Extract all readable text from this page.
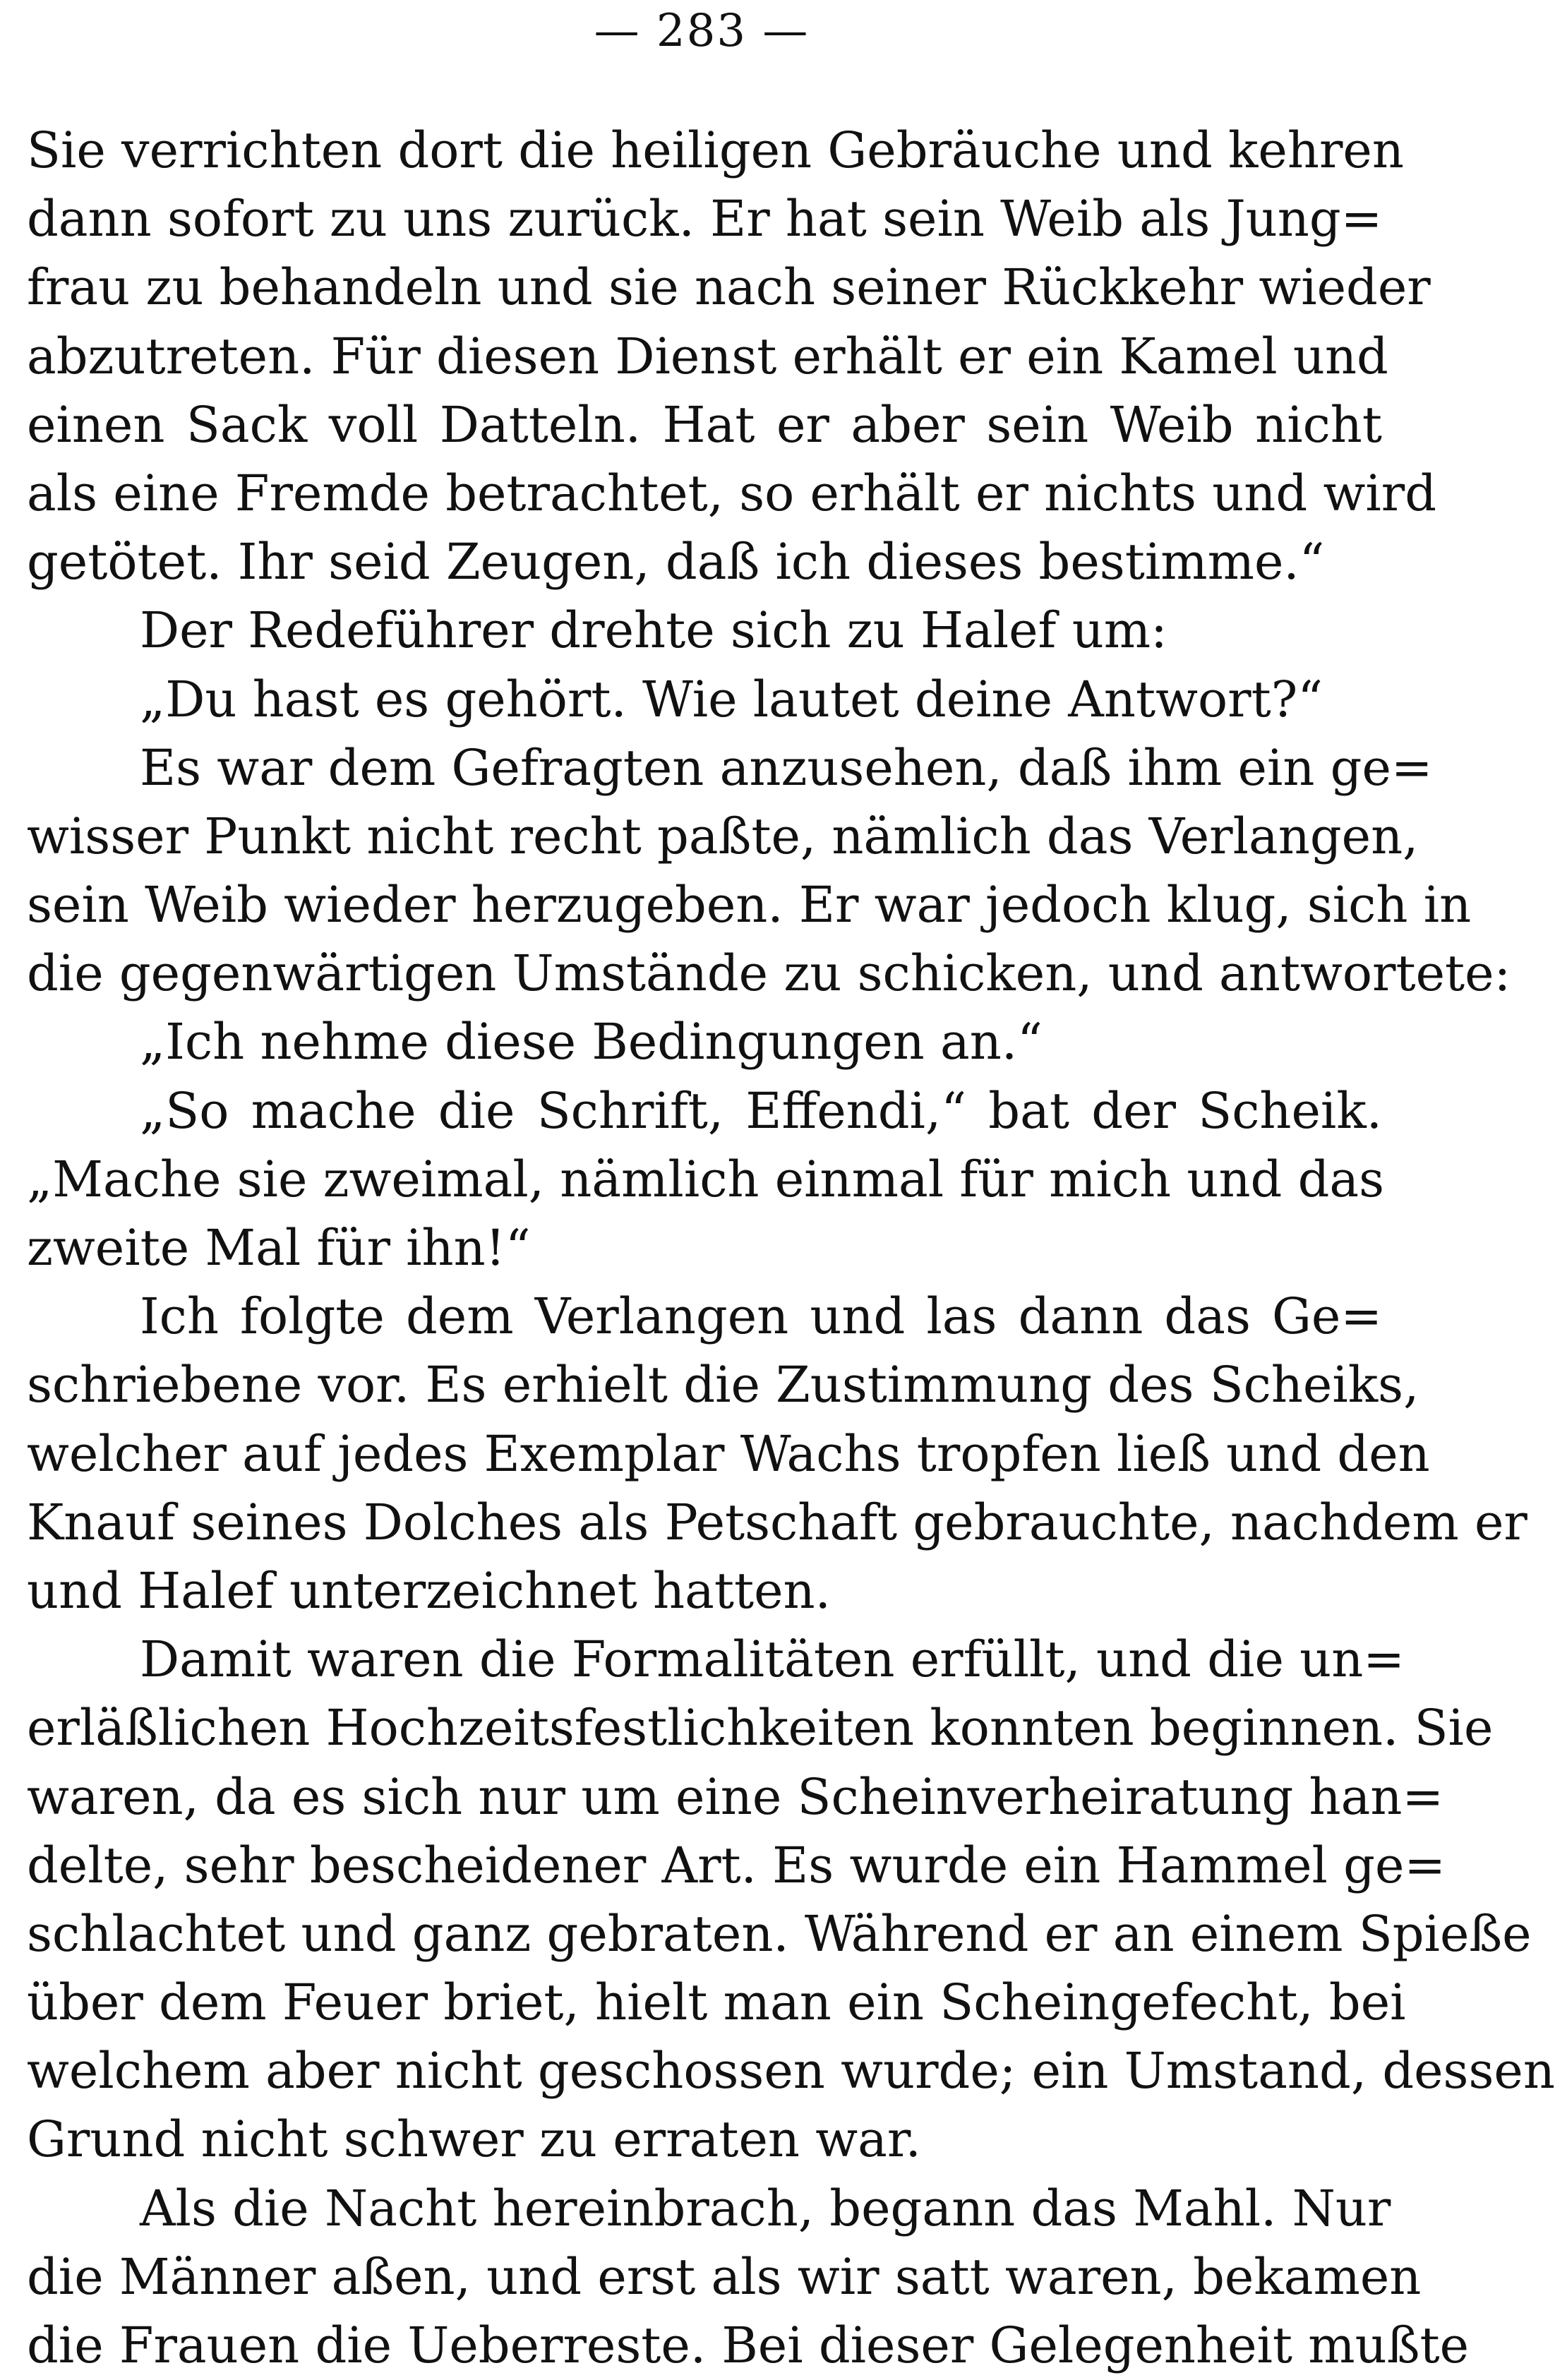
— 283 —
Sie verrichten dort die heiligen Gebräuche und kehren
dann sofort zu uns zurück. Er hat sein Weib als Jung=
frau zu behandeln und sie nach seiner Rückkehr wieder
abzutreten. Für diesen Dienst erhält er ein Kamel und
einen Sack voll Datteln. Hat er aber sein Weib nicht
als eine Fremde betrachtet, so erhält er nichts und wird
getötet. Ihr seid Zeugen, daß ich dieses bestimme.“
Der Redeführer drehte sich zu Halef um:
„Du hast es gehört. Wie lautet deine Antwort?“
Es war dem Gefragten anzusehen, daß ihm ein ge=
wisser Punkt nicht recht paßte, nämlich das Verlangen,
sein Weib wieder herzugeben. Er war jedoch klug, sich in
die gegenwärtigen Umstände zu schicken, und antwortete:
„Ich nehme diese Bedingungen an.“
„So mache die Schrift, Effendi,“ bat der Scheik.
„Mache sie zweimal, nämlich einmal für mich und das
zweite Mal für ihn!“
Ich folgte dem Verlangen und las dann das Ge=
schriebene vor. Es erhielt die Zustimmung des Scheiks,
welcher auf jedes Exemplar Wachs tropfen ließ und den
Knauf seines Dolches als Petschaft gebrauchte, nachdem er
und Halef unterzeichnet hatten.
Damit waren die Formalitäten erfüllt, und die un=
erläßlichen Hochzeitsfestlichkeiten konnten beginnen. Sie
waren, da es sich nur um eine Scheinverheiratung han=
delte, sehr bescheidener Art. Es wurde ein Hammel ge=
schlachtet und ganz gebraten. Während er an einem Spieße
über dem Feuer briet, hielt man ein Scheingefecht, bei
welchem aber nicht geschossen wurde; ein Umstand, dessen
Grund nicht schwer zu erraten war.
Als die Nacht hereinbrach, begann das Mahl. Nur
die Männer aßen, und erst als wir satt waren, bekamen
die Frauen die Ueberreste. Bei dieser Gelegenheit mußte
